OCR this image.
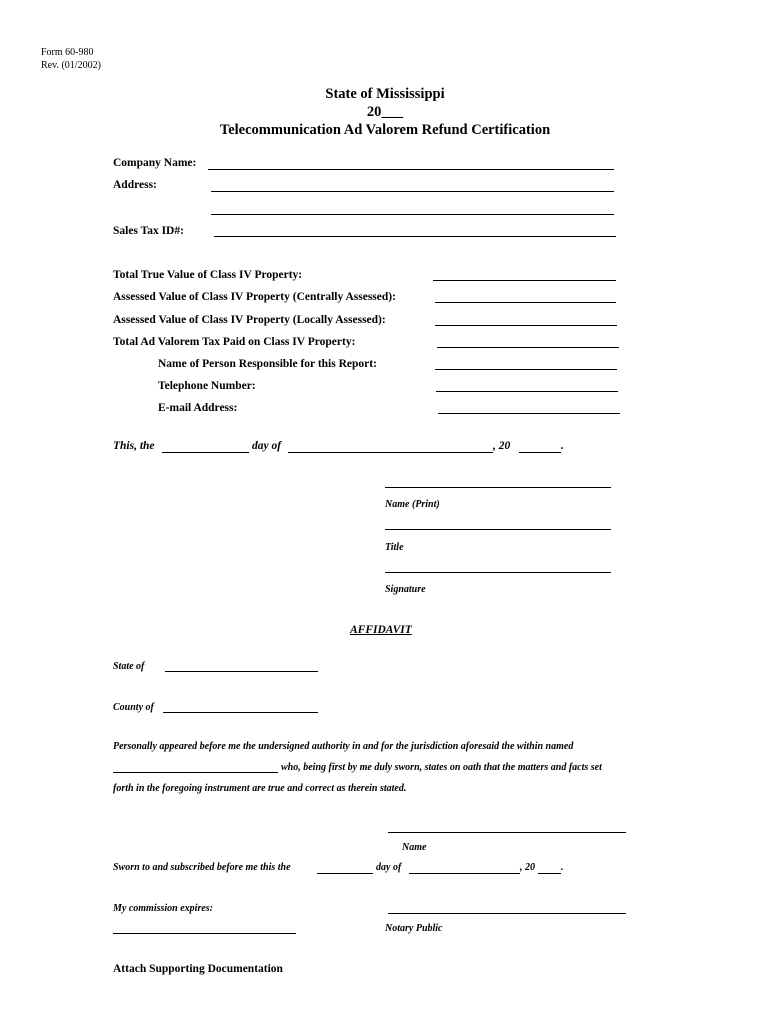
Form 60-980
Rev. (01/2002)
State of Mississippi
20___
Telecommunication Ad Valorem Refund Certification
Company Name:
Address:
Sales Tax ID#:
Total True Value of Class IV Property:
Assessed Value of Class IV Property (Centrally Assessed):
Assessed Value of Class IV Property (Locally Assessed):
Total Ad Valorem Tax Paid on Class IV Property:
Name of Person Responsible for this Report:
Telephone Number:
E-mail Address:
This, the	day of	, 20	.
Name (Print)
Title
Signature
AFFIDAVIT
State of
County of
Personally appeared before me the undersigned authority in and for the jurisdiction aforesaid the within named
who, being first by me duly sworn, states on oath that the matters and facts set
forth in the foregoing instrument are true and correct as therein stated.
Name
Sworn to and subscribed before me this the	day of	, 20	.
My commission expires:
Notary Public
Attach Supporting Documentation
